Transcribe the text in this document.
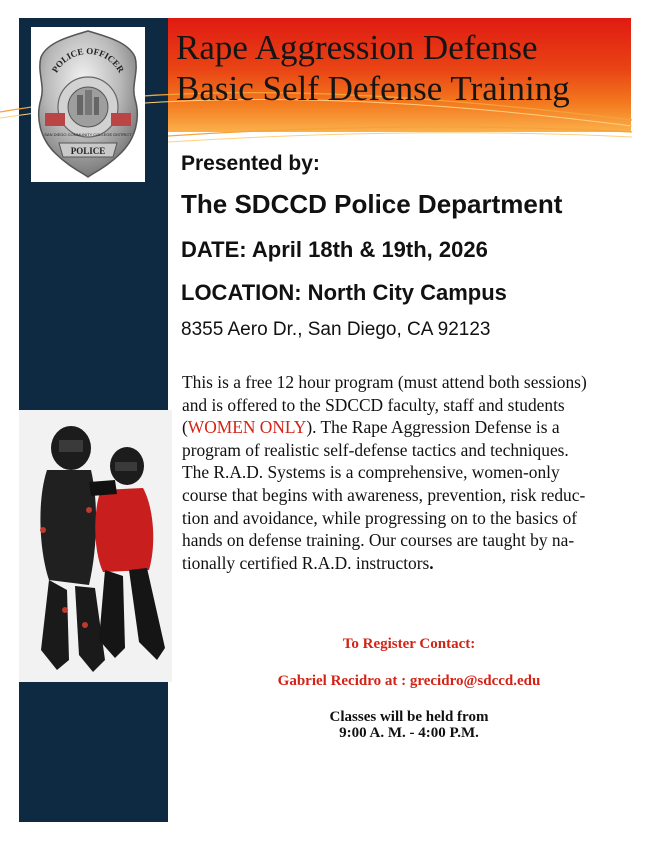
POLICE OFFICER
SAN DIEGO COMMUNITY COLLEGE DISTRICT
POLICE
Rape Aggression Defense
Basic Self Defense Training
Presented by:
The SDCCD Police Department
DATE: April 18th & 19th, 2026
LOCATION: North City Campus
8355 Aero Dr., San Diego, CA 92123
This is a free 12 hour program (must attend both sessions)
and is offered to the SDCCD faculty, staff and students
(WOMEN ONLY). The Rape Aggression Defense is a
program of realistic self-defense tactics and techniques.
The R.A.D. Systems is a comprehensive, women-only
course that begins with awareness, prevention, risk reduc-
tion and avoidance, while progressing on to the basics of
hands on defense training. Our courses are taught by na-
tionally certified R.A.D. instructors.
To Register Contact:
Gabriel Recidro at : grecidro@sdccd.edu
Classes will be held from
9:00 A. M. - 4:00 P.M.
